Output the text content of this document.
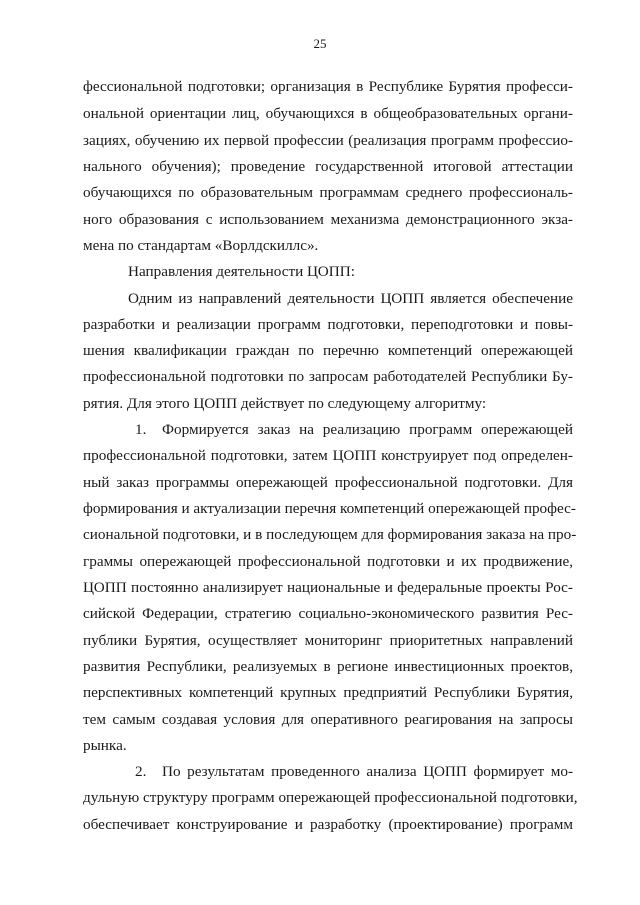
25
фессиональной подготовки; организация в Республике Бурятия професси-
ональной ориентации лиц, обучающихся в общеобразовательных органи-
зациях, обучению их первой профессии (реализация программ профессио-
нального обучения); проведение государственной итоговой аттестации
обучающихся по образовательным программам среднего профессиональ-
ного образования с использованием механизма демонстрационного экза-
мена по стандартам «Ворлдскиллс».
Направления деятельности ЦОПП:
Одним из направлений деятельности ЦОПП является обеспечение
разработки и реализации программ подготовки, переподготовки и повы-
шения квалификации граждан по перечню компетенций опережающей
профессиональной подготовки по запросам работодателей Республики Бу-
рятия. Для этого ЦОПП действует по следующему алгоритму:
1.	Формируется заказ на реализацию программ опережающей
профессиональной подготовки, затем ЦОПП конструирует под определен-
ный заказ программы опережающей профессиональной подготовки. Для
формирования и актуализации перечня компетенций опережающей профес-
сиональной подготовки, и в последующем для формирования заказа на про-
граммы опережающей профессиональной подготовки и их продвижение,
ЦОПП постоянно анализирует национальные и федеральные проекты Рос-
сийской Федерации, стратегию социально-экономического развития Рес-
публики Бурятия, осуществляет мониторинг приоритетных направлений
развития Республики, реализуемых в регионе инвестиционных проектов,
перспективных компетенций крупных предприятий Республики Бурятия,
тем самым создавая условия для оперативного реагирования на запросы
рынка.
2.	По результатам проведенного анализа ЦОПП формирует мо-
дульную структуру программ опережающей профессиональной подготовки,
обеспечивает конструирование и разработку (проектирование) программ
